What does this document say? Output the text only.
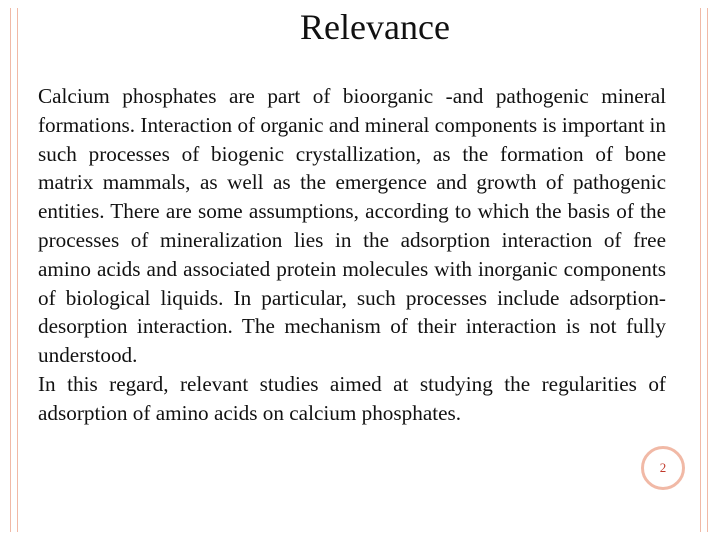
Relevance

Calcium phosphates are part of bioorganic -and pathogenic mineral formations. Interaction of organic and mineral components is important in such processes of biogenic crystallization, as the formation of bone matrix mammals, as well as the emergence and growth of pathogenic entities. There are some assumptions, according to which the basis of the processes of mineralization lies in the adsorption interaction of free amino acids and associated protein molecules with inorganic components of biological liquids. In particular, such processes include adsorption-desorption interaction. The mechanism of their interaction is not fully understood.

In this regard, relevant studies aimed at studying the regularities of adsorption of amino acids on calcium phosphates.

2
